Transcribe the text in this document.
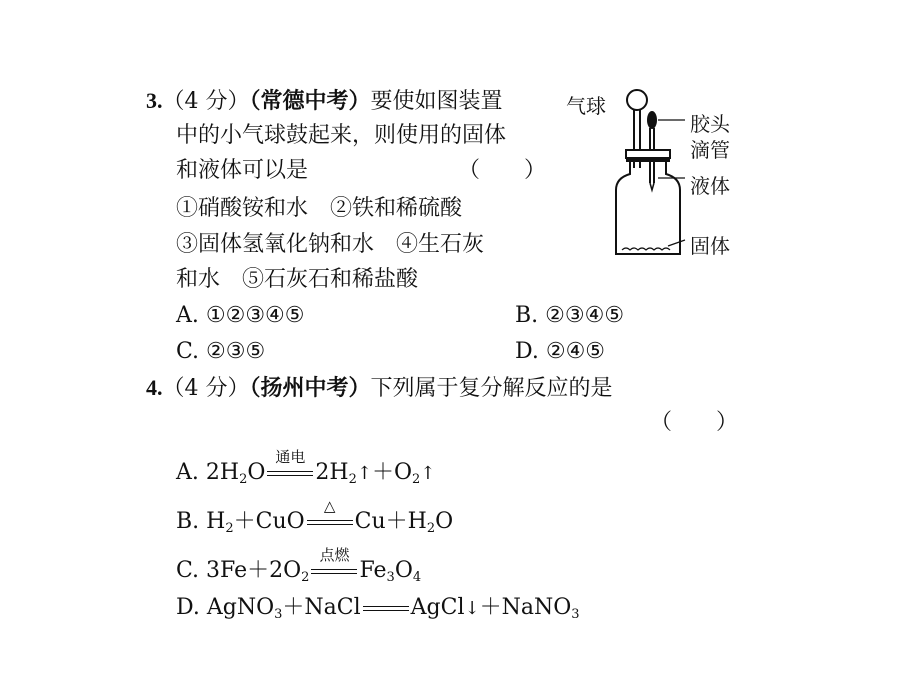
3.（4 分）（常德中考）要使如图装置
中的小气球鼓起来，则使用的固体
和液体可以是	（　　）
①硝酸铵和水　②铁和稀硫酸
③固体氢氧化钠和水　④生石灰
和水　⑤石灰石和稀盐酸
A. ①②③④⑤	B. ②③④⑤
C. ②③⑤	D. ②④⑤
气球
胶头
滴管
液体
固体
4.（4 分）（扬州中考）下列属于复分解反应的是
（　　）
A. $2H_2O$
通电
$2H_2↑+O_2↑$
B. $H_2+CuO$
△
$Cu+H_2O$
C. $3Fe+2O_2$
点燃
$Fe_3O_4$
D. AgNO$_3$＋NaCl AgCl↓＋NaNO$_3$
